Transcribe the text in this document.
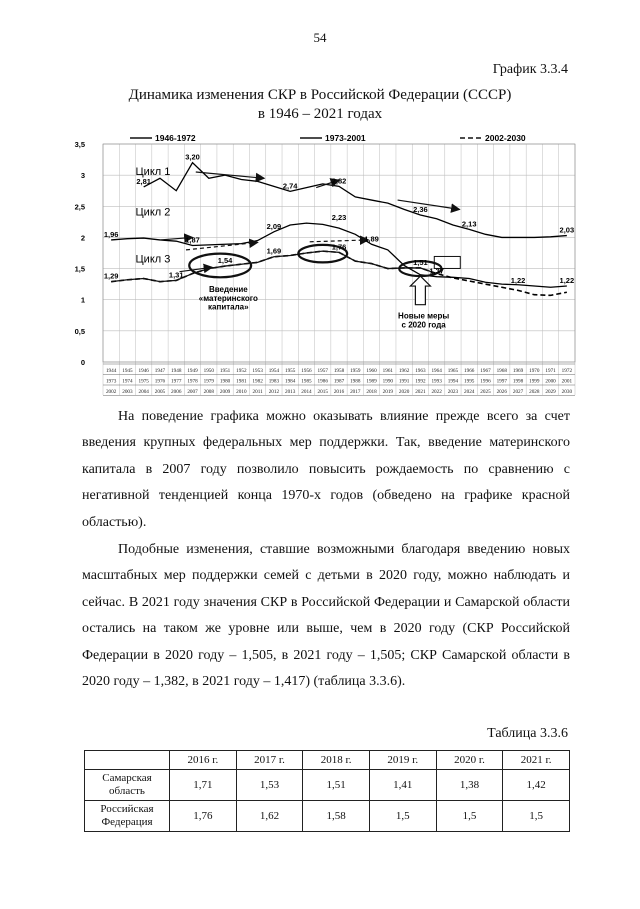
54
График 3.3.4
Динамика изменения СКР в Российской Федерации (СССР)
в 1946 – 2021 годах
0
0,5
1
1,5
2
2,5
3
3,5
1944 1945 1946 1947 1948 1949 1950 1951 1952 1953 1954 1955 1956 1957 1958 1959 1960 1961 1962 1963 1964 1965 1966 1967 1968 1969 1970 1971 1972
1973 1974 1975 1976 1977 1978 1979 1980 1981 1982 1983 1984 1985 1986 1987 1988 1989 1990 1991 1992 1993 1994 1995 1996 1997 1998 1999 2000 2001
2002 2003 2004 2005 2006 2007 2008 2009 2010 2011 2012 2013 2014 2015 2016 2017 2018 2019 2020 2021 2022 2023 2024 2025 2026 2027 2028 2029 2030
1946-1972	1973-2001	2002-2030
2,81
3,20
2,74
2,82
2,36
2,13
2,03
1,96
1,87
2,09
2,23
1,89
1,29	1,31
1,54
1,69	1,76
1,51
1,37
1,22	1,22
Цикл 1
Цикл 2
Цикл 3
Введение
«материнского
капитала»
Новые меры
с 2020 года

На поведение графика можно оказывать влияние прежде всего за счет введения крупных федеральных мер поддержки. Так, введение материнского капитала в 2007 году позволило повысить рождаемость по сравнению с негативной тенденцией конца 1970-х годов (обведено на графике красной областью).

Подобные изменения, ставшие возможными благодаря введению новых масштабных мер поддержки семей с детьми в 2020 году, можно наблюдать и сейчас. В 2021 году значения СКР в Российской Федерации и Самарской области остались на таком же уровне или выше, чем в 2020 году (СКР Российской Федерации в 2020 году – 1,505, в 2021 году – 1,505; СКР Самарской области в 2020 году – 1,382, в 2021 году – 1,417) (таблица 3.3.6).

Таблица 3.3.6
	2016 г.	2017 г.	2018 г.	2019 г.	2020 г.	2021 г.
Самарская область	1,71	1,53	1,51	1,41	1,38	1,42
Российская Федерация	1,76	1,62	1,58	1,5	1,5	1,5
